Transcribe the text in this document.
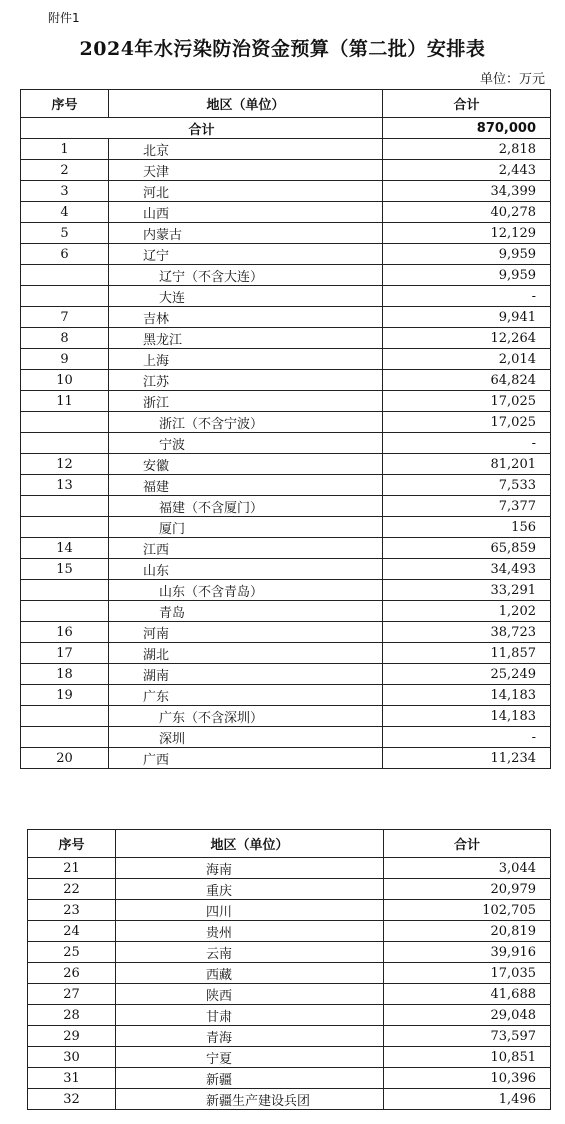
附件1
2024年水污染防治资金预算（第二批）安排表
单位：万元
序号	地区（单位）	合计
合计		870,000
1	北京	2,818
2	天津	2,443
3	河北	34,399
4	山西	40,278
5	内蒙古	12,129
6	辽宁	9,959
	辽宁（不含大连）	9,959
	大连	-
7	吉林	9,941
8	黑龙江	12,264
9	上海	2,014
10	江苏	64,824
11	浙江	17,025
	浙江（不含宁波）	17,025
	宁波	-
12	安徽	81,201
13	福建	7,533
	福建（不含厦门）	7,377
	厦门	156
14	江西	65,859
15	山东	34,493
	山东（不含青岛）	33,291
	青岛	1,202
16	河南	38,723
17	湖北	11,857
18	湖南	25,249
19	广东	14,183
	广东（不含深圳）	14,183
	深圳	-
20	广西	11,234
序号	地区（单位）	合计
21	海南	3,044
22	重庆	20,979
23	四川	102,705
24	贵州	20,819
25	云南	39,916
26	西藏	17,035
27	陕西	41,688
28	甘肃	29,048
29	青海	73,597
30	宁夏	10,851
31	新疆	10,396
32	新疆生产建设兵团	1,496
